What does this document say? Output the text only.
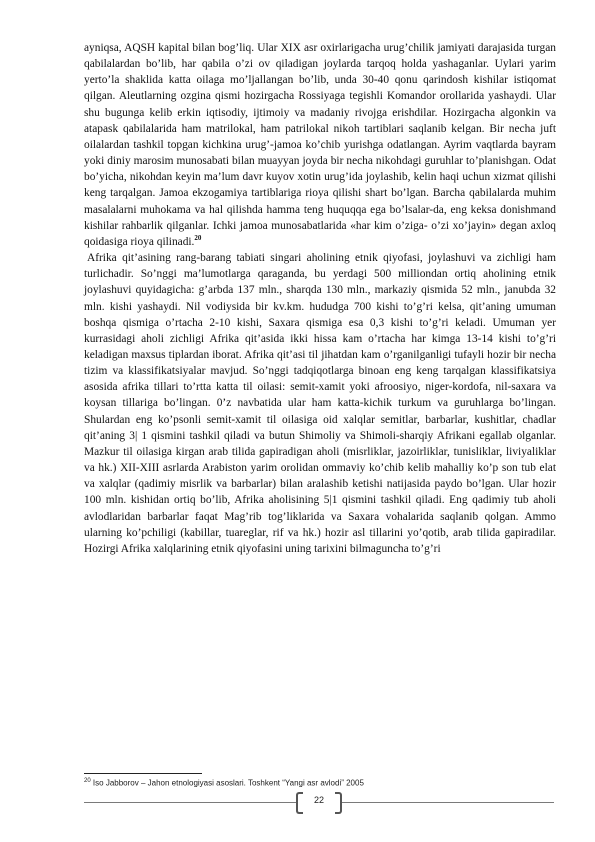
ayniqsa, AQSH kapital bilan bog’liq. Ular XIX asr oxirlarigacha urug’chilik jamiyati darajasida turgan qabilalardan bo’lib, har qabila o’zi ov qiladigan joylarda tarqoq holda yashaganlar. Uylari yarim yerto’la shaklida katta oilaga mo’ljallangan bo’lib, unda 30-40 qonu qarindosh kishilar istiqomat qilgan. Aleutlarning ozgina qismi hozirgacha Rossiyaga tegishli Komandor orollarida yashaydi. Ular shu bugunga kelib erkin iqtisodiy, ijtimoiy va madaniy rivojga erishdilar. Hozirgacha algonkin va atapask qabilalarida ham matrilokal, ham patrilokal nikoh tartiblari saqlanib kelgan. Bir necha juft oilalardan tashkil topgan kichkina urug’-jamoa ko’chib yurishga odatlangan. Ayrim vaqtlarda bayram yoki diniy marosim munosabati bilan muayyan joyda bir necha nikohdagi guruhlar to’planishgan. Odat bo’yicha, nikohdan keyin ma’lum davr kuyov xotin urug’ida joylashib, kelin haqi uchun xizmat qilishi keng tarqalgan. Jamoa ekzogamiya tartiblariga rioya qilishi shart bo’lgan. Barcha qabilalarda muhim masalalarni muhokama va hal qilishda hamma teng huquqqa ega bo’lsalar-da, eng keksa donishmand kishilar rahbarlik qilganlar. Ichki jamoa munosabatlarida «har kim o’ziga- o’zi xo’jayin» degan axloq qoidasiga rioya qilinadi.$^{20}$

Afrika qit’asining rang-barang tabiati singari aholining etnik qiyofasi, joylashuvi va zichligi ham turlichadir. So’nggi ma’lumotlarga qaraganda, bu yerdagi 500 milliondan ortiq aholining etnik joylashuvi quyidagicha: g’arbda 137 mln., sharqda 130 mln., markaziy qismida 52 mln., janubda 32 mln. kishi yashaydi. Nil vodiysida bir kv.km. hududga 700 kishi to’g’ri kelsa, qit’aning umuman boshqa qismiga o’rtacha 2-10 kishi, Saxara qismiga esa 0,3 kishi to’g’ri keladi. Umuman yer kurrasidagi aholi zichligi Afrika qit’asida ikki hissa kam o’rtacha har kimga 13-14 kishi to’g’ri keladigan maxsus tiplardan iborat. Afrika qit’asi til jihatdan kam o’rganilganligi tufayli hozir bir necha tizim va klassifikatsiyalar mavjud. So’nggi tadqiqotlarga binoan eng keng tarqalgan klassifikatsiya asosida afrika tillari to’rtta katta til oilasi: semit-xamit yoki afroosiyo, niger-kordofa, nil-saxara va koysan tillariga bo’lingan. 0’z navbatida ular ham katta-kichik turkum va guruhlarga bo’lingan. Shulardan eng ko’psonli semit-xamit til oilasiga oid xalqlar semitlar, barbarlar, kushitlar, chadlar qit’aning 3| 1 qismini tashkil qiladi va butun Shimoliy va Shimoli-sharqiy Afrikani egallab olganlar. Mazkur til oilasiga kirgan arab tilida gapiradigan aholi (misrliklar, jazoirliklar, tunisliklar, liviyaliklar va hk.) XII-XIII asrlarda Arabiston yarim orolidan ommaviy ko’chib kelib mahalliy ko’p son tub elat va xalqlar (qadimiy misrlik va barbarlar) bilan aralashib ketishi natijasida paydo bo’lgan. Ular hozir 100 mln. kishidan ortiq bo’lib, Afrika aholisining 5|1 qismini tashkil qiladi. Eng qadimiy tub aholi avlodlaridan barbarlar faqat Mag’rib tog’liklarida va Saxara vohalarida saqlanib qolgan. Ammo ularning ko’pchiligi (kabillar, tuareglar, rif va hk.) hozir asl tillarini yo’qotib, arab tilida gapiradilar. Hozirgi Afrika xalqlarining etnik qiyofasini uning tarixini bilmaguncha to’g’ri

$^{20}$ Iso Jabborov – Jahon etnologiyasi asoslari. Toshkent “Yangi asr avlodi” 2005
22
